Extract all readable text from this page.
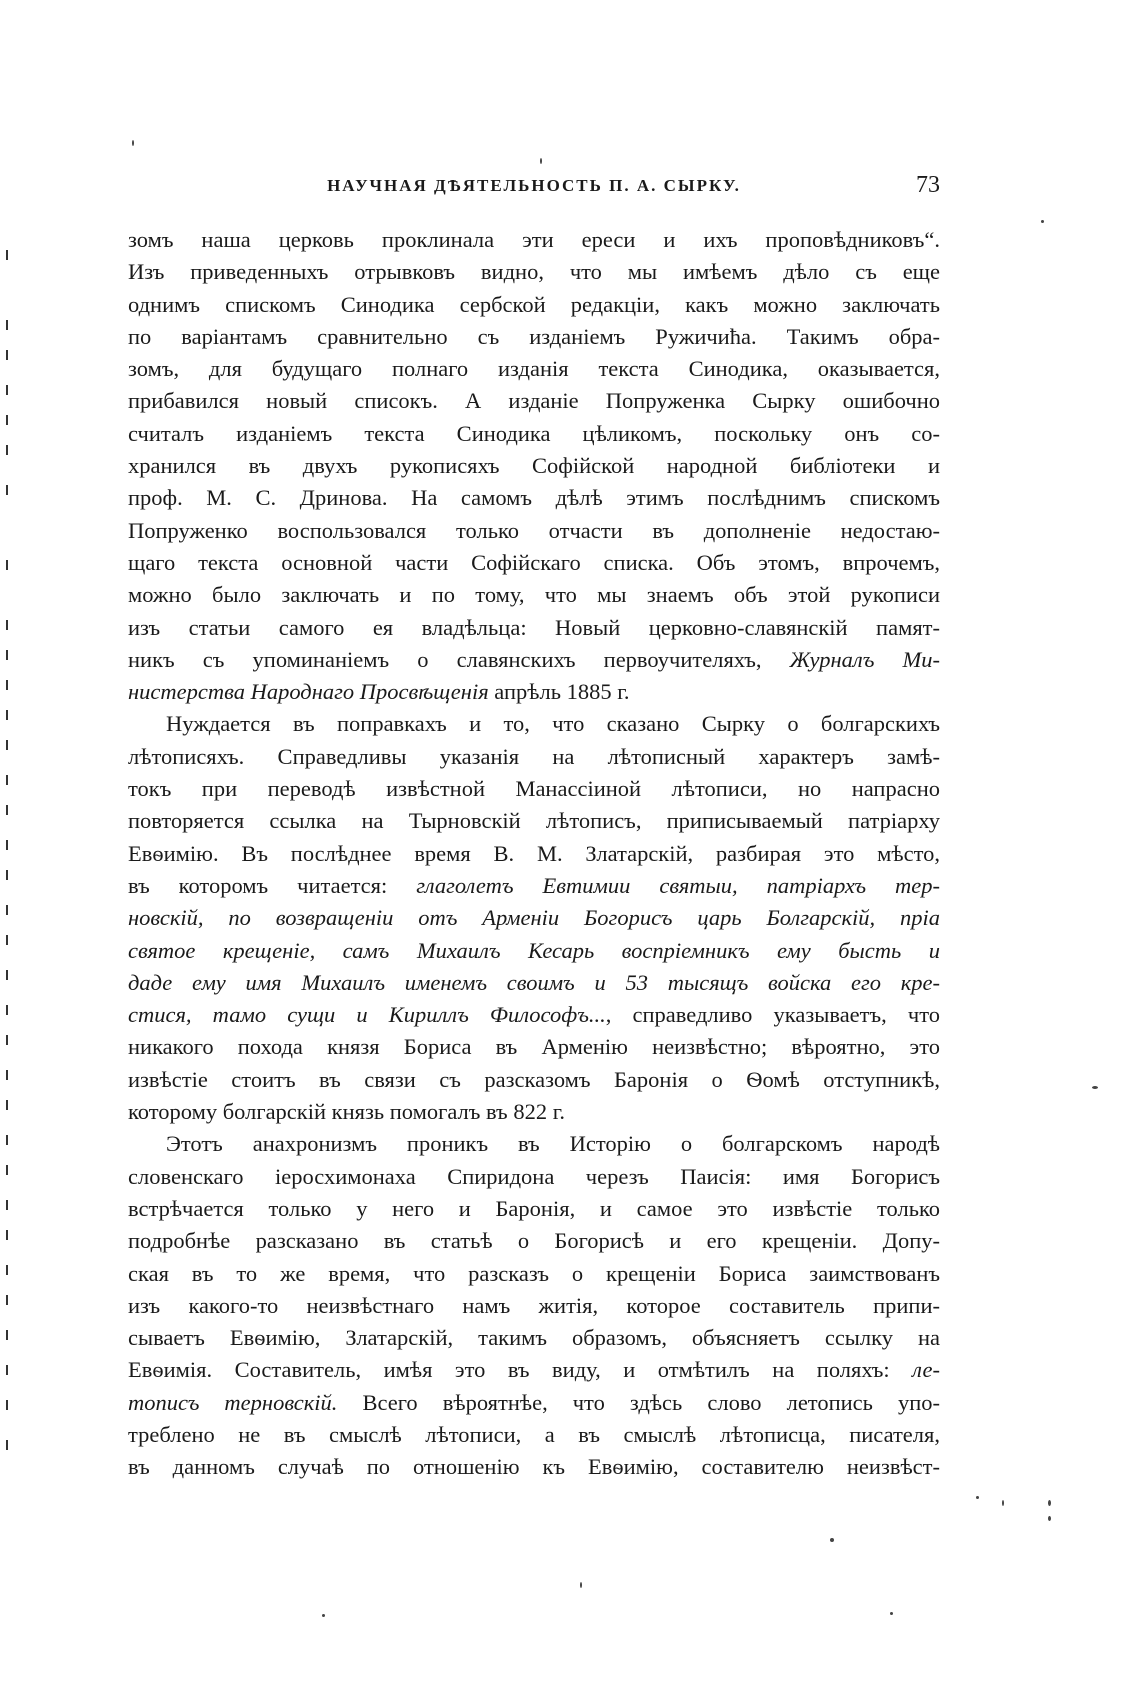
НАУЧНАЯ ДѢЯТЕЛЬНОСТЬ П. А. СЫРКУ.	73
зомъ наша церковь проклинала эти ереси и ихъ проповѣдниковъ“.
Изъ приведенныхъ отрывковъ видно, что мы имѣемъ дѣло съ еще
однимъ спискомъ Синодика сербской редакціи, какъ можно заключать
по варіантамъ сравнительно съ изданіемъ Ружичића. Такимъ обра-
зомъ, для будущаго полнаго изданія текста Синодика, оказывается,
прибавился новый списокъ. А изданіе Попруженка Сырку ошибочно
считалъ изданіемъ текста Синодика цѣликомъ, поскольку онъ со-
хранился въ двухъ рукописяхъ Софійской народной библіотеки и
проф. М. С. Дринова. На самомъ дѣлѣ этимъ послѣднимъ спискомъ
Попруженко воспользовался только отчасти въ дополненіе недостаю-
щаго текста основной части Софійскаго списка. Объ этомъ, впрочемъ,
можно было заключать и по тому, что мы знаемъ объ этой рукописи
изъ статьи самого ея владѣльца: Новый церковно-славянскій памят-
никъ съ упоминаніемъ о славянскихъ первоучителяхъ, Журналъ Ми-
нистерства Народнаго Просвѣщенія апрѣль 1885 г.
Нуждается въ поправкахъ и то, что сказано Сырку о болгарскихъ
лѣтописяхъ. Справедливы указанія на лѣтописный характеръ замѣ-
токъ при переводѣ извѣстной Манассіиной лѣтописи, но напрасно
повторяется ссылка на Тырновскій лѣтописъ, приписываемый патріарху
Евѳимію. Въ послѣднее время В. М. Златарскій, разбирая это мѣсто,
въ которомъ читается: глаголетъ Евтимии святыи, патріархъ тер-
новскій, по возвращеніи отъ Арменіи Богорисъ царь Болгарскій, пріа
святое крещеніе, самъ Михаилъ Кесарь воспріемникъ ему бысть и
даде ему имя Михаилъ именемъ своимъ и 53 тысящъ войска его кре-
стися, тамо сущи и Кириллъ Философъ..., справедливо указываетъ, что
никакого похода князя Бориса въ Арменію неизвѣстно; вѣроятно, это
извѣстіе стоитъ въ связи съ разсказомъ Баронія о Ѳомѣ отступникѣ,
которому болгарскій князь помогалъ въ 822 г.
Этотъ анахронизмъ проникъ въ Исторію о болгарскомъ народѣ
словенскаго іеросхимонаха Спиридона черезъ Паисія: имя Богорисъ
встрѣчается только у него и Баронія, и самое это извѣстіе только
подробнѣе разсказано въ статьѣ о Богорисѣ и его крещеніи. Допу-
ская въ то же время, что разсказъ о крещеніи Бориса заимствованъ
изъ какого-то неизвѣстнаго намъ житія, которое составитель припи-
сываетъ Евѳимію, Златарскій, такимъ образомъ, объясняетъ ссылку на
Евѳимія. Составитель, имѣя это въ виду, и отмѣтилъ на поляхъ: ле-
тописъ терновскій. Всего вѣроятнѣе, что здѣсь слово летопись упо-
треблено не въ смыслѣ лѣтописи, а въ смыслѣ лѣтописца, писателя,
въ данномъ случаѣ по отношенію къ Евѳимію, составителю неизвѣст-
